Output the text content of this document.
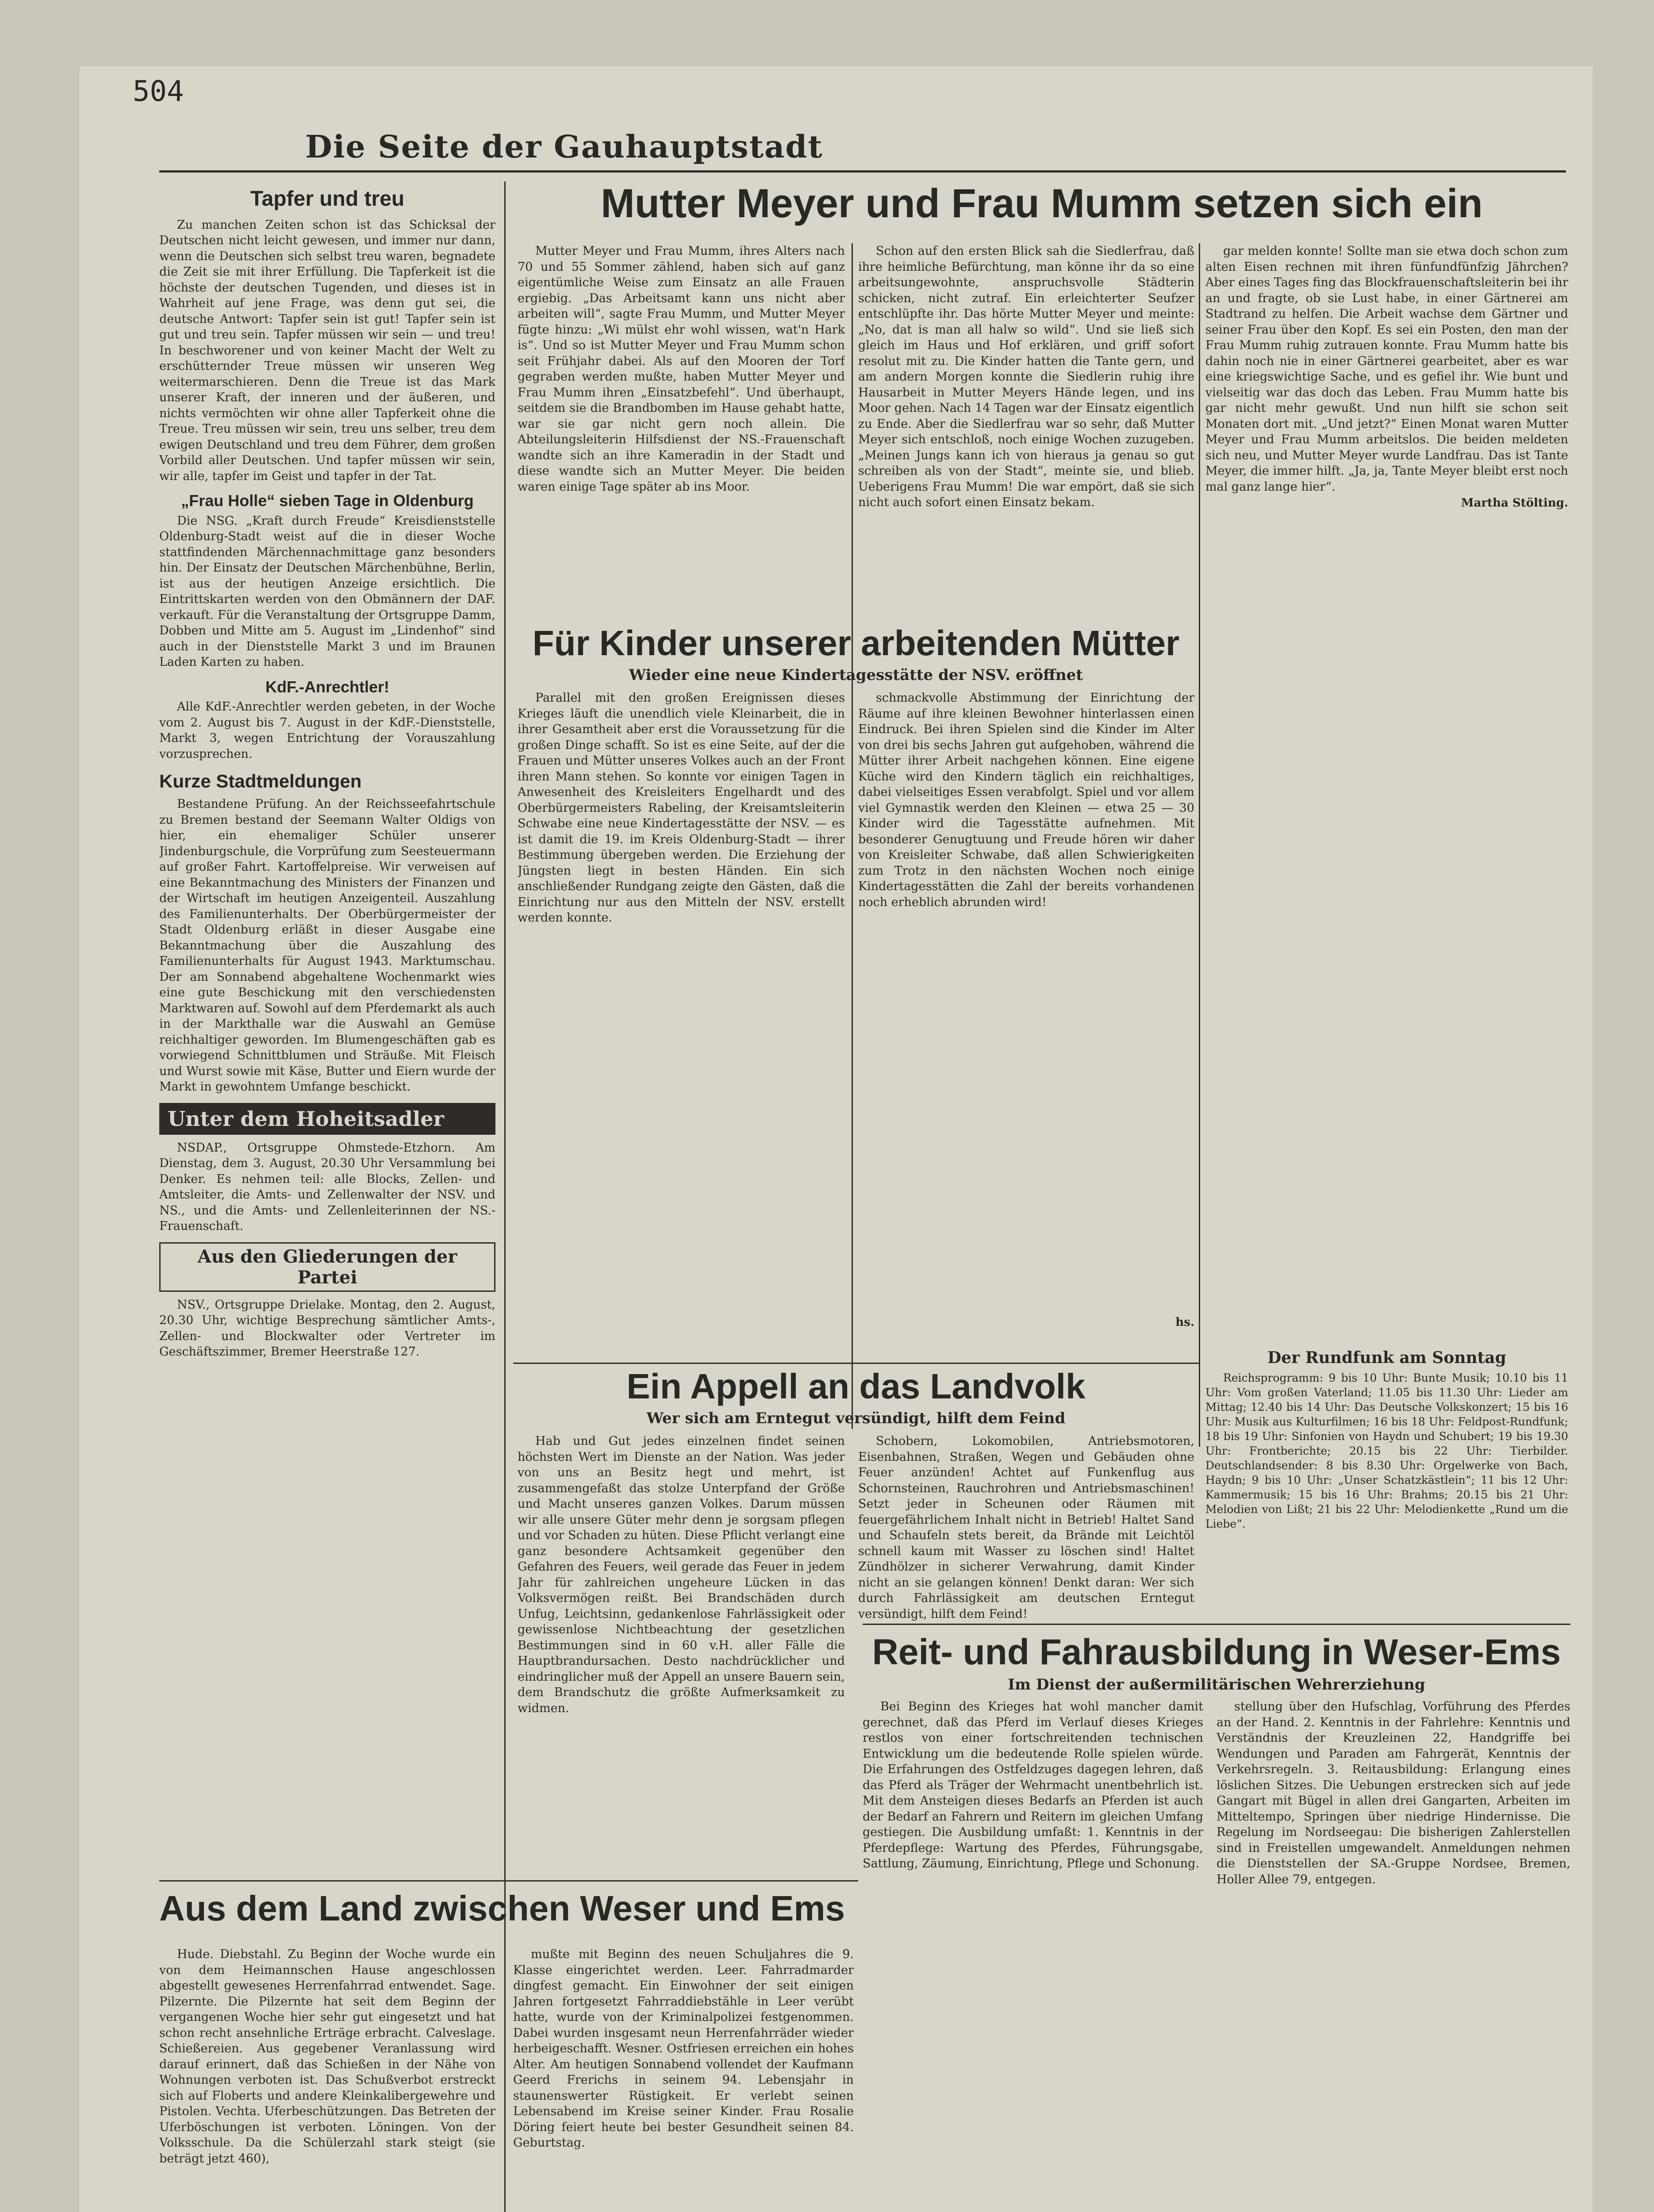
504
Die Seite der Gauhauptstadt
Tapfer und treu

Zu manchen Zeiten schon ist das Schicksal der Deutschen nicht leicht gewesen, und immer nur dann, wenn die Deutschen sich selbst treu waren, begnadete die Zeit sie mit ihrer Erfüllung. Die Tapferkeit ist die höchste der deutschen Tugenden, und dieses ist in Wahrheit auf jene Frage, was denn gut sei, die deutsche Antwort: Tapfer sein ist gut! Tapfer sein ist gut und treu sein. Tapfer müssen wir sein — und treu! In beschworener und von keiner Macht der Welt zu erschütternder Treue müssen wir unseren Weg weitermarschieren. Denn die Treue ist das Mark unserer Kraft, der inneren und der äußeren, und nichts vermöchten wir ohne aller Tapferkeit ohne die Treue. Treu müssen wir sein, treu uns selber, treu dem ewigen Deutschland und treu dem Führer, dem großen Vorbild aller Deutschen. Und tapfer müssen wir sein, wir alle, tapfer im Geist und tapfer in der Tat.

„Frau Holle“ sieben Tage in Oldenburg

Die NSG. „Kraft durch Freude“ Kreisdienststelle Oldenburg-Stadt weist auf die in dieser Woche stattfindenden Märchennachmittage ganz besonders hin. Der Einsatz der Deutschen Märchenbühne, Berlin, ist aus der heutigen Anzeige ersichtlich. Die Eintrittskarten werden von den Obmännern der DAF. verkauft. Für die Veranstaltung der Ortsgruppe Damm, Dobben und Mitte am 5. August im „Lindenhof“ sind auch in der Dienststelle Markt 3 und im Braunen Laden Karten zu haben.

KdF.-Anrechtler!

Alle KdF.-Anrechtler werden gebeten, in der Woche vom 2. August bis 7. August in der KdF.-Dienststelle, Markt 3, wegen Entrichtung der Vorauszahlung vorzusprechen.

Kurze Stadtmeldungen

Bestandene Prüfung. An der Reichsseefahrtschule zu Bremen bestand der Seemann Walter Oldigs von hier, ein ehemaliger Schüler unserer Jindenburgschule, die Vorprüfung zum Seesteuermann auf großer Fahrt. Kartoffelpreise. Wir verweisen auf eine Bekanntmachung des Ministers der Finanzen und der Wirtschaft im heutigen Anzeigenteil. Auszahlung des Familienunterhalts. Der Oberbürgermeister der Stadt Oldenburg erläßt in dieser Ausgabe eine Bekanntmachung über die Auszahlung des Familienunterhalts für August 1943. Marktumschau. Der am Sonnabend abgehaltene Wochenmarkt wies eine gute Beschickung mit den verschiedensten Marktwaren auf. Sowohl auf dem Pferdemarkt als auch in der Markthalle war die Auswahl an Gemüse reichhaltiger geworden. Im Blumengeschäften gab es vorwiegend Schnittblumen und Sträuße. Mit Fleisch und Wurst sowie mit Käse, Butter und Eiern wurde der Markt in gewohntem Umfange beschickt.

Unter dem Hoheitsadler

NSDAP., Ortsgruppe Ohmstede-Etzhorn. Am Dienstag, dem 3. August, 20.30 Uhr Versammlung bei Denker. Es nehmen teil: alle Blocks, Zellen- und Amtsleiter, die Amts- und Zellenwalter der NSV. und NS., und die Amts- und Zellenleiterinnen der NS.-Frauenschaft.

Aus den Gliederungen der Partei

NSV., Ortsgruppe Drielake. Montag, den 2. August, 20.30 Uhr, wichtige Besprechung sämtlicher Amts-, Zellen- und Blockwalter oder Vertreter im Geschäftszimmer, Bremer Heerstraße 127.

Mutter Meyer und Frau Mumm setzen sich ein

Mutter Meyer und Frau Mumm, ihres Alters nach 70 und 55 Sommer zählend, haben sich auf ganz eigentümliche Weise zum Einsatz an alle Frauen ergiebig. „Das Arbeitsamt kann uns nicht aber arbeiten will“, sagte Frau Mumm, und Mutter Meyer fügte hinzu: „Wi mülst ehr wohl wissen, wat'n Hark is“. Und so ist Mutter Meyer und Frau Mumm schon seit Frühjahr dabei. Als auf den Mooren der Torf gegraben werden mußte, haben Mutter Meyer und Frau Mumm ihren „Einsatzbefehl“. Und überhaupt, seitdem sie die Brandbomben im Hause gehabt hatte, war sie gar nicht gern noch allein. Die Abteilungsleiterin Hilfsdienst der NS.-Frauenschaft wandte sich an ihre Kameradin in der Stadt und diese wandte sich an Mutter Meyer. Die beiden waren einige Tage später ab ins Moor.

Schon auf den ersten Blick sah die Siedlerfrau, daß ihre heimliche Befürchtung, man könne ihr da so eine arbeitsungewohnte, anspruchsvolle Städterin schicken, nicht zutraf. Ein erleichterter Seufzer entschlüpfte ihr. Das hörte Mutter Meyer und meinte: „No, dat is man all halw so wild“. Und sie ließ sich gleich im Haus und Hof erklären, und griff sofort resolut mit zu. Die Kinder hatten die Tante gern, und am andern Morgen konnte die Siedlerin ruhig ihre Hausarbeit in Mutter Meyers Hände legen, und ins Moor gehen. Nach 14 Tagen war der Einsatz eigentlich zu Ende. Aber die Siedlerfrau war so sehr, daß Mutter Meyer sich entschloß, noch einige Wochen zuzugeben. „Meinen Jungs kann ich von hieraus ja genau so gut schreiben als von der Stadt“, meinte sie, und blieb. Ueberigens Frau Mumm! Die war empört, daß sie sich nicht auch sofort einen Einsatz bekam.

gar melden konnte! Sollte man sie etwa doch schon zum alten Eisen rechnen mit ihren fünfundfünfzig Jährchen? Aber eines Tages fing das Blockfrauenschaftsleiterin bei ihr an und fragte, ob sie Lust habe, in einer Gärtnerei am Stadtrand zu helfen. Die Arbeit wachse dem Gärtner und seiner Frau über den Kopf. Es sei ein Posten, den man der Frau Mumm ruhig zutrauen konnte. Frau Mumm hatte bis dahin noch nie in einer Gärtnerei gearbeitet, aber es war eine kriegswichtige Sache, und es gefiel ihr. Wie bunt und vielseitig war das doch das Leben. Frau Mumm hatte bis gar nicht mehr gewußt. Und nun hilft sie schon seit Monaten dort mit. „Und jetzt?“ Einen Monat waren Mutter Meyer und Frau Mumm arbeitslos. Die beiden meldeten sich neu, und Mutter Meyer wurde Landfrau. Das ist Tante Meyer, die immer hilft. „Ja, ja, Tante Meyer bleibt erst noch mal ganz lange hier“.

Martha Stölting.
Für Kinder unserer arbeitenden Mütter
Wieder eine neue Kindertagesstätte der NSV. eröffnet

Parallel mit den großen Ereignissen dieses Krieges läuft die unendlich viele Kleinarbeit, die in ihrer Gesamtheit aber erst die Voraussetzung für die großen Dinge schafft. So ist es eine Seite, auf der die Frauen und Mütter unseres Volkes auch an der Front ihren Mann stehen. So konnte vor einigen Tagen in Anwesenheit des Kreisleiters Engelhardt und des Oberbürgermeisters Rabeling, der Kreisamtsleiterin Schwabe eine neue Kindertagesstätte der NSV. — es ist damit die 19. im Kreis Oldenburg-Stadt — ihrer Bestimmung übergeben werden. Die Erziehung der Jüngsten liegt in besten Händen. Ein sich anschließender Rundgang zeigte den Gästen, daß die Einrichtung nur aus den Mitteln der NSV. erstellt werden konnte.

schmackvolle Abstimmung der Einrichtung der Räume auf ihre kleinen Bewohner hinterlassen einen Eindruck. Bei ihren Spielen sind die Kinder im Alter von drei bis sechs Jahren gut aufgehoben, während die Mütter ihrer Arbeit nachgehen können. Eine eigene Küche wird den Kindern täglich ein reichhaltiges, dabei vielseitiges Essen verabfolgt. Spiel und vor allem viel Gymnastik werden den Kleinen — etwa 25 — 30 Kinder wird die Tagesstätte aufnehmen. Mit besonderer Genugtuung und Freude hören wir daher von Kreisleiter Schwabe, daß allen Schwierigkeiten zum Trotz in den nächsten Wochen noch einige Kindertagesstätten die Zahl der bereits vorhandenen noch erheblich abrunden wird!

hs.
Ein Appell an das Landvolk
Wer sich am Erntegut versündigt, hilft dem Feind

Hab und Gut jedes einzelnen findet seinen höchsten Wert im Dienste an der Nation. Was jeder von uns an Besitz hegt und mehrt, ist zusammengefaßt das stolze Unterpfand der Größe und Macht unseres ganzen Volkes. Darum müssen wir alle unsere Güter mehr denn je sorgsam pflegen und vor Schaden zu hüten. Diese Pflicht verlangt eine ganz besondere Achtsamkeit gegenüber den Gefahren des Feuers, weil gerade das Feuer in jedem Jahr für zahlreichen ungeheure Lücken in das Volksvermögen reißt. Bei Brandschäden durch Unfug, Leichtsinn, gedankenlose Fahrlässigkeit oder gewissenlose Nichtbeachtung der gesetzlichen Bestimmungen sind in 60 v.H. aller Fälle die Hauptbrandursachen. Desto nachdrücklicher und eindringlicher muß der Appell an unsere Bauern sein, dem Brandschutz die größte Aufmerksamkeit zu widmen.

Schobern, Lokomobilen, Antriebsmotoren, Eisenbahnen, Straßen, Wegen und Gebäuden ohne Feuer anzünden! Achtet auf Funkenflug aus Schornsteinen, Rauchrohren und Antriebsmaschinen! Setzt jeder in Scheunen oder Räumen mit feuergefährlichem Inhalt nicht in Betrieb! Haltet Sand und Schaufeln stets bereit, da Brände mit Leichtöl schnell kaum mit Wasser zu löschen sind! Haltet Zündhölzer in sicherer Verwahrung, damit Kinder nicht an sie gelangen können! Denkt daran: Wer sich durch Fahrlässigkeit am deutschen Erntegut versündigt, hilft dem Feind!

Der Rundfunk am Sonntag

Reichsprogramm: 9 bis 10 Uhr: Bunte Musik; 10.10 bis 11 Uhr: Vom großen Vaterland; 11.05 bis 11.30 Uhr: Lieder am Mittag; 12.40 bis 14 Uhr: Das Deutsche Volkskonzert; 15 bis 16 Uhr: Musik aus Kulturfilmen; 16 bis 18 Uhr: Feldpost-Rundfunk; 18 bis 19 Uhr: Sinfonien von Haydn und Schubert; 19 bis 19.30 Uhr: Frontberichte; 20.15 bis 22 Uhr: Tierbilder. Deutschlandsender: 8 bis 8.30 Uhr: Orgelwerke von Bach, Haydn; 9 bis 10 Uhr: „Unser Schatzkästlein“; 11 bis 12 Uhr: Kammermusik; 15 bis 16 Uhr: Brahms; 20.15 bis 21 Uhr: Melodien von Lißt; 21 bis 22 Uhr: Melodienkette „Rund um die Liebe“.

Reit- und Fahrausbildung in Weser-Ems
Im Dienst der außermilitärischen Wehrerziehung

Bei Beginn des Krieges hat wohl mancher damit gerechnet, daß das Pferd im Verlauf dieses Krieges restlos von einer fortschreitenden technischen Entwicklung um die bedeutende Rolle spielen würde. Die Erfahrungen des Ostfeldzuges dagegen lehren, daß das Pferd als Träger der Wehrmacht unentbehrlich ist. Mit dem Ansteigen dieses Bedarfs an Pferden ist auch der Bedarf an Fahrern und Reitern im gleichen Umfang gestiegen. Die Ausbildung umfaßt: 1. Kenntnis in der Pferdepflege: Wartung des Pferdes, Führungsgabe, Sattlung, Zäumung, Einrichtung, Pflege und Schonung.

stellung über den Hufschlag, Vorführung des Pferdes an der Hand. 2. Kenntnis in der Fahrlehre: Kenntnis und Verständnis der Kreuzleinen 22, Handgriffe bei Wendungen und Paraden am Fahrgerät, Kenntnis der Verkehrsregeln. 3. Reitausbildung: Erlangung eines löslichen Sitzes. Die Uebungen erstrecken sich auf jede Gangart mit Bügel in allen drei Gangarten, Arbeiten im Mitteltempo, Springen über niedrige Hindernisse. Die Regelung im Nordseegau: Die bisherigen Zahlerstellen sind in Freistellen umgewandelt. Anmeldungen nehmen die Dienststellen der SA.-Gruppe Nordsee, Bremen, Holler Allee 79, entgegen.

Aus dem Land zwischen Weser und Ems

Hude. Diebstahl. Zu Beginn der Woche wurde ein von dem Heimannschen Hause angeschlossen abgestellt gewesenes Herrenfahrrad entwendet. Sage. Pilzernte. Die Pilzernte hat seit dem Beginn der vergangenen Woche hier sehr gut eingesetzt und hat schon recht ansehnliche Erträge erbracht. Calveslage. Schießereien. Aus gegebener Veranlassung wird darauf erinnert, daß das Schießen in der Nähe von Wohnungen verboten ist. Das Schußverbot erstreckt sich auf Floberts und andere Kleinkalibergewehre und Pistolen. Vechta. Uferbeschützungen. Das Betreten der Uferböschungen ist verboten. Löningen. Von der Volksschule. Da die Schülerzahl stark steigt (sie beträgt jetzt 460),

mußte mit Beginn des neuen Schuljahres die 9. Klasse eingerichtet werden. Leer. Fahrradmarder dingfest gemacht. Ein Einwohner der seit einigen Jahren fortgesetzt Fahrraddiebstähle in Leer verübt hatte, wurde von der Kriminalpolizei festgenommen. Dabei wurden insgesamt neun Herrenfahrräder wieder herbeigeschafft. Wesner. Ostfriesen erreichen ein hohes Alter. Am heutigen Sonnabend vollendet der Kaufmann Geerd Frerichs in seinem 94. Lebensjahr in staunenswerter Rüstigkeit. Er verlebt seinen Lebensabend im Kreise seiner Kinder. Frau Rosalie Döring feiert heute bei bester Gesundheit seinen 84. Geburtstag.
